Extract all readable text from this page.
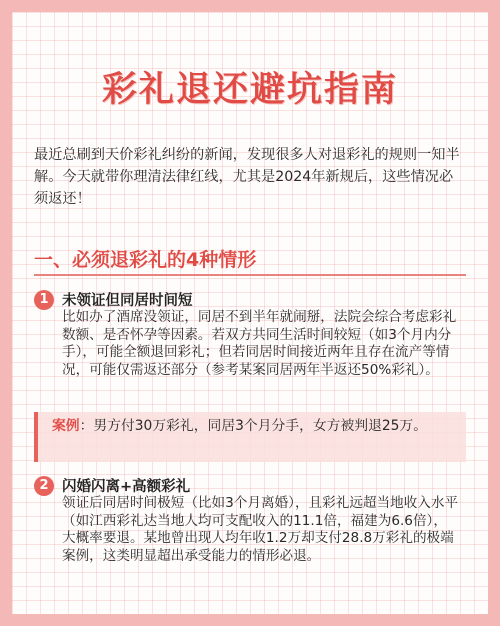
彩礼退还避坑指南
最近总刷到天价彩礼纠纷的新闻，发现很多人对退彩礼的规则一知半解。今天就带你理清法律红线，尤其是2024年新规后，这些情况必须返还！
一、必须退彩礼的4种情形
1 未领证但同居时间短
比如办了酒席没领证，同居不到半年就闹掰，法院会综合考虑彩礼数额、是否怀孕等因素。若双方共同生活时间较短（如3个月内分手），可能全额退回彩礼；但若同居时间接近两年且存在流产等情况，可能仅需返还部分（参考某案同居两年半返还50%彩礼）。
案例：男方付30万彩礼，同居3个月分手，女方被判退25万。
2 闪婚闪离+高额彩礼
领证后同居时间极短（比如3个月离婚），且彩礼远超当地收入水平（如江西彩礼达当地人均可支配收入的11.1倍，福建为6.6倍），大概率要退。某地曾出现人均年收1.2万却支付28.8万彩礼的极端案例，这类明显超出承受能力的情形必退。
